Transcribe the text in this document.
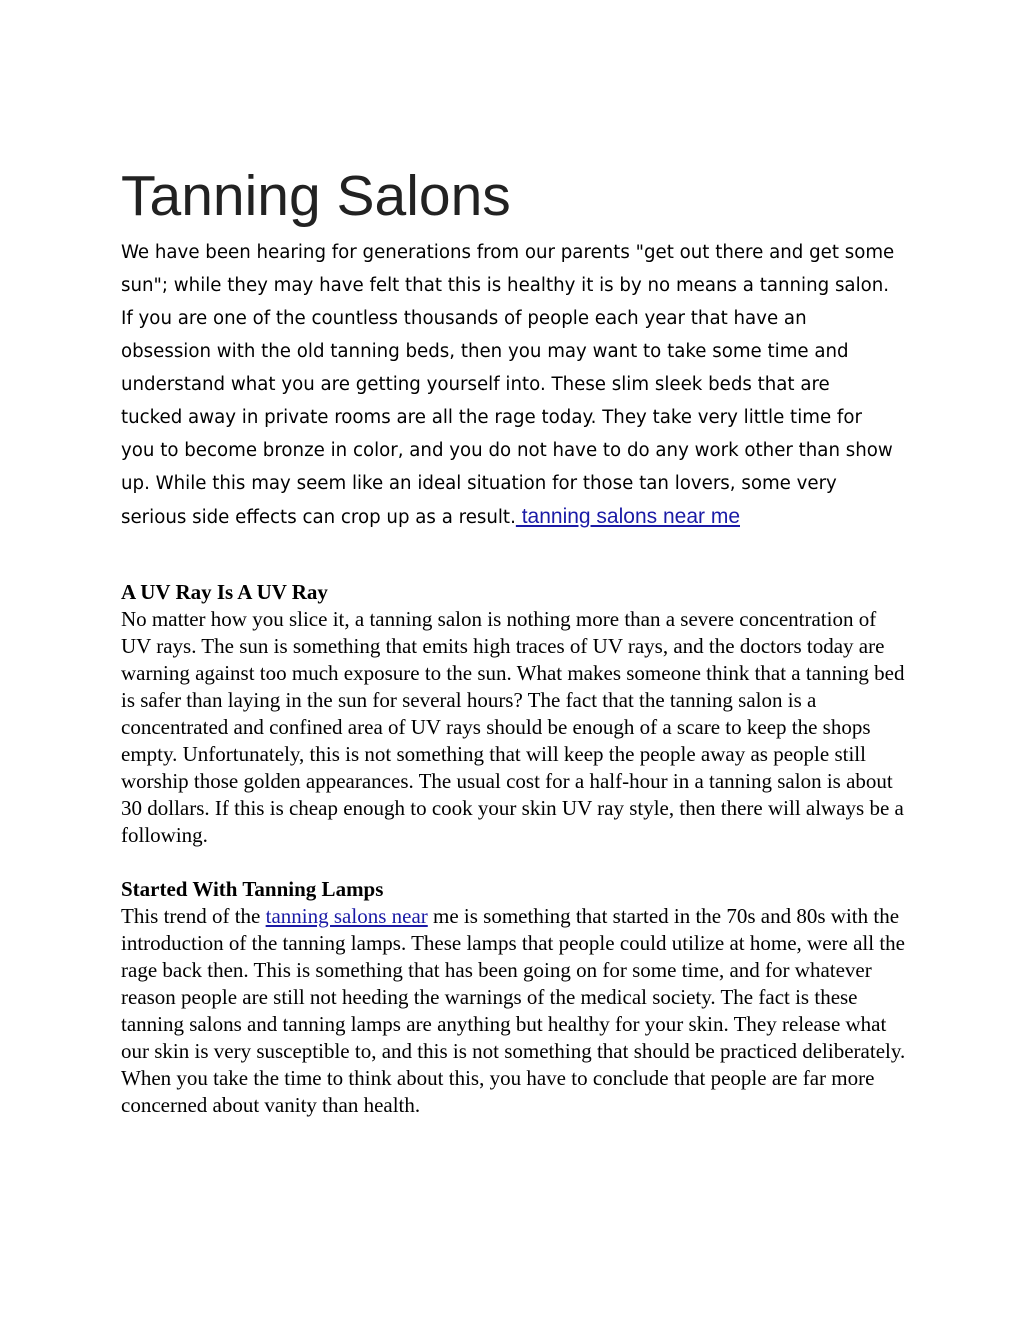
Tanning Salons

We have been hearing for generations from our parents "get out there and get some sun"; while they may have felt that this is healthy it is by no means a tanning salon. If you are one of the countless thousands of people each year that have an obsession with the old tanning beds, then you may want to take some time and understand what you are getting yourself into. These slim sleek beds that are tucked away in private rooms are all the rage today. They take very little time for you to become bronze in color, and you do not have to do any work other than show up. While this may seem like an ideal situation for those tan lovers, some very serious side effects can crop up as a result. tanning salons near me

A UV Ray Is A UV Ray

No matter how you slice it, a tanning salon is nothing more than a severe concentration of UV rays. The sun is something that emits high traces of UV rays, and the doctors today are warning against too much exposure to the sun. What makes someone think that a tanning bed is safer than laying in the sun for several hours? The fact that the tanning salon is a concentrated and confined area of UV rays should be enough of a scare to keep the shops empty. Unfortunately, this is not something that will keep the people away as people still worship those golden appearances. The usual cost for a half-hour in a tanning salon is about 30 dollars. If this is cheap enough to cook your skin UV ray style, then there will always be a following.

Started With Tanning Lamps

This trend of the tanning salons near me is something that started in the 70s and 80s with the introduction of the tanning lamps. These lamps that people could utilize at home, were all the rage back then. This is something that has been going on for some time, and for whatever reason people are still not heeding the warnings of the medical society. The fact is these tanning salons and tanning lamps are anything but healthy for your skin. They release what our skin is very susceptible to, and this is not something that should be practiced deliberately. When you take the time to think about this, you have to conclude that people are far more concerned about vanity than health.
